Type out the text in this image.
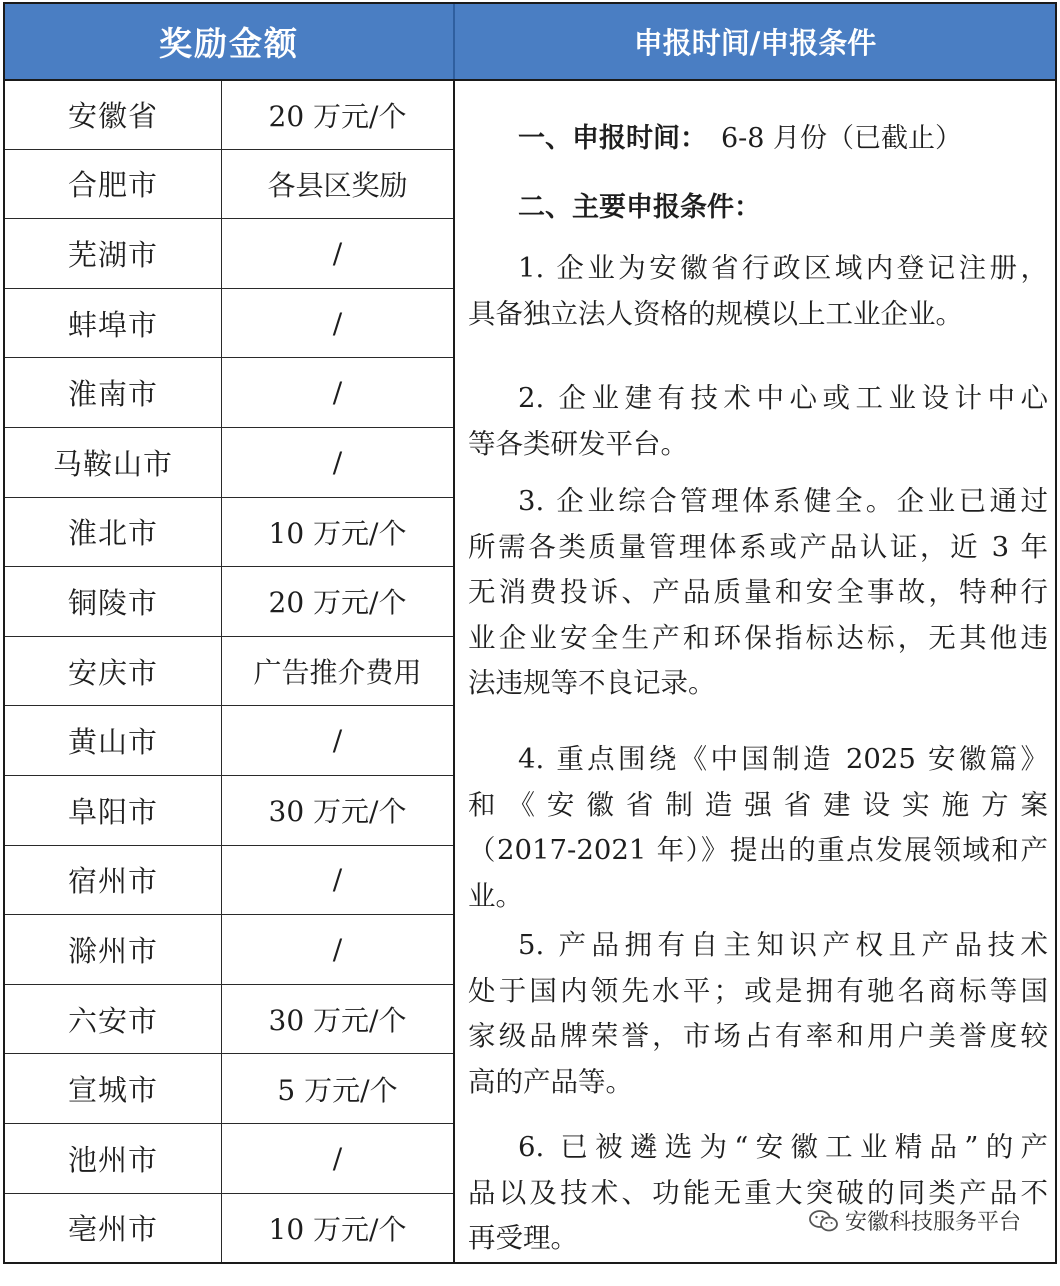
奖励金额	申报时间/申报条件
安徽省	20 万元/个
合肥市	各县区奖励
芜湖市	/
蚌埠市	/
淮南市	/
马鞍山市	/
淮北市	10 万元/个
铜陵市	20 万元/个
安庆市	广告推介费用
黄山市	/
阜阳市	30 万元/个
宿州市	/
滁州市	/
六安市	30 万元/个
宣城市	5 万元/个
池州市	/
亳州市	10 万元/个
一、申报时间： 6-8 月份（已截止）
二、主要申报条件：
1. 企业为安徽省行政区域内登记注册，
具备独立法人资格的规模以上工业企业。
2. 企业建有技术中心或工业设计中心
等各类研发平台。
3. 企业综合管理体系健全。企业已通过
所需各类质量管理体系或产品认证，近 3 年
无消费投诉、产品质量和安全事故，特种行
业企业安全生产和环保指标达标，无其他违
法违规等不良记录。
4. 重点围绕《中国制造 2025 安徽篇》
和《安徽省制造强省建设实施方案
（2017-2021 年）》提出的重点发展领域和产
业。
5. 产品拥有自主知识产权且产品技术
处于国内领先水平；或是拥有驰名商标等国
家级品牌荣誉，市场占有率和用户美誉度较
高的产品等。
6. 已被遴选为“安徽工业精品”的产
品以及技术、功能无重大突破的同类产品不
再受理。	安徽科技服务平台
